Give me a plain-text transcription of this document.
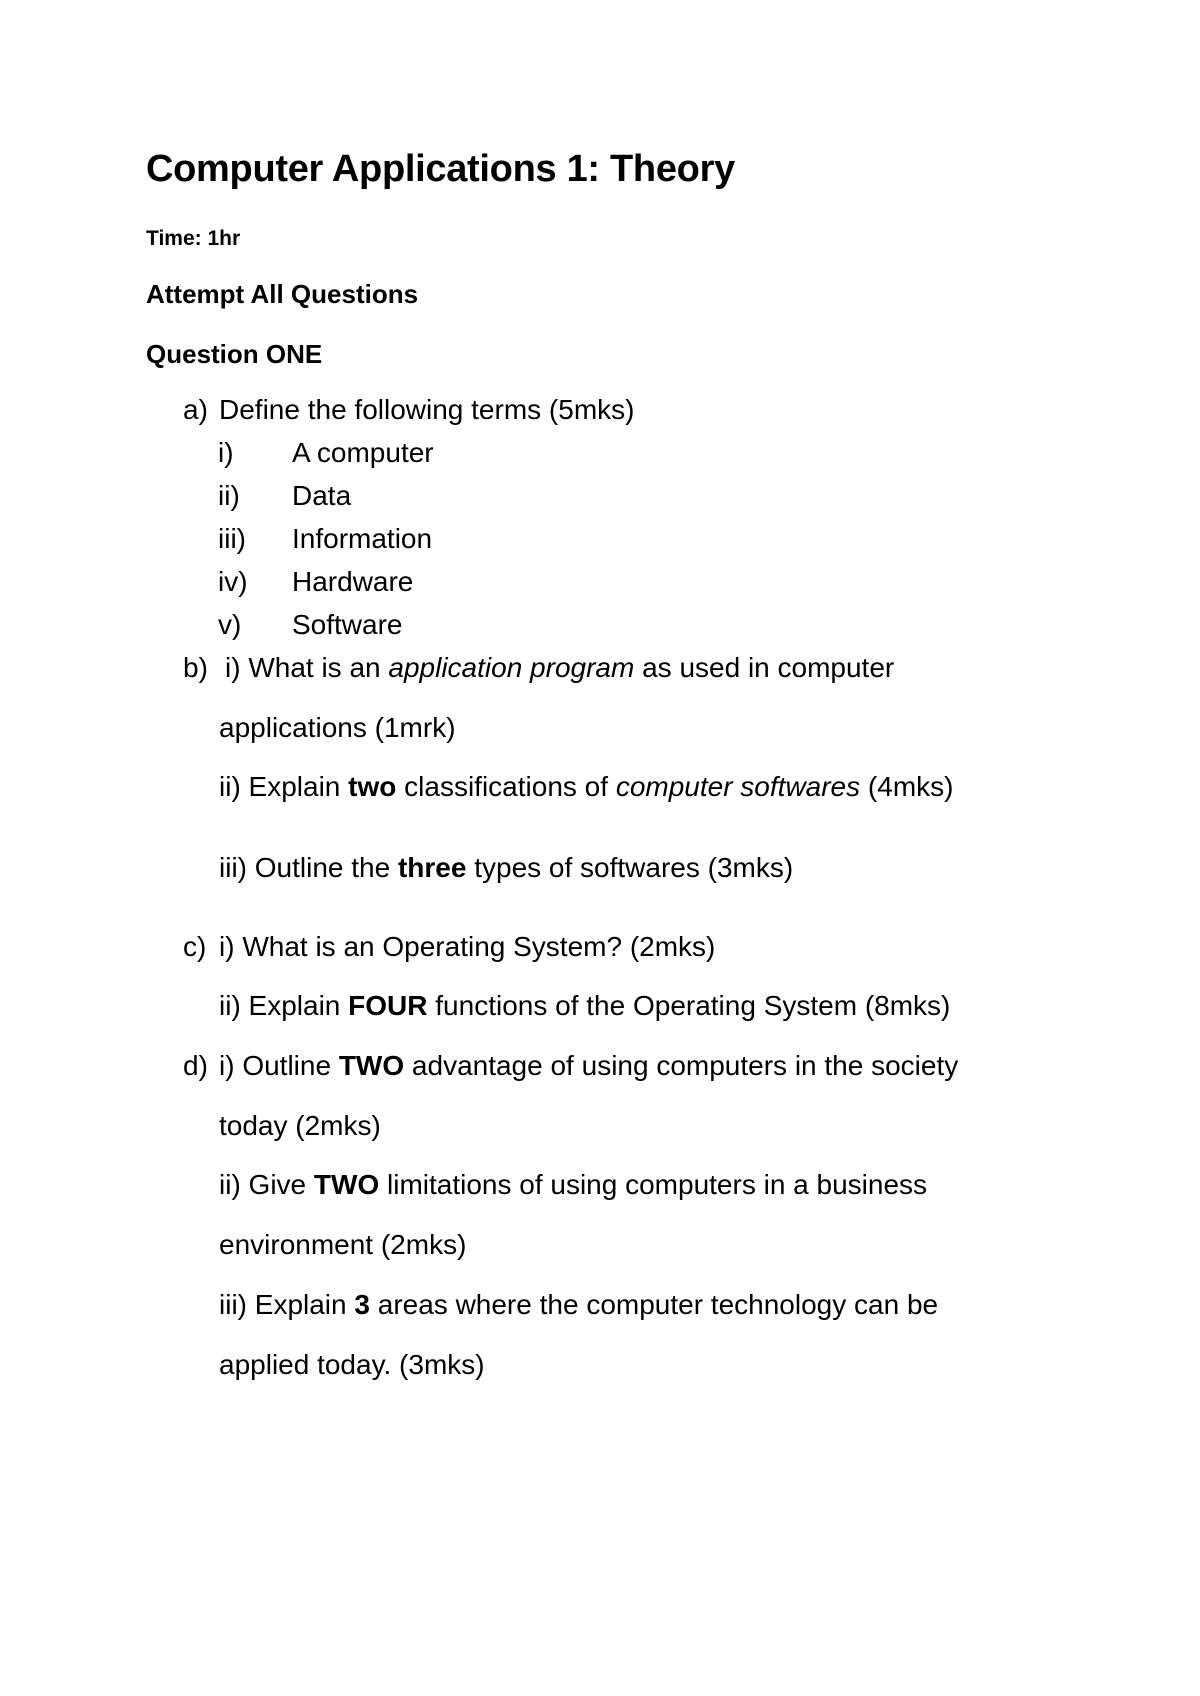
Computer Applications 1: Theory
Time: 1hr
Attempt All Questions
Question ONE
a) Define the following terms (5mks)
i) A computer
ii) Data
iii) Information
iv) Hardware
v) Software
b) i) What is an application program as used in computer
applications (1mrk)
ii) Explain two classifications of computer softwares (4mks)
iii) Outline the three types of softwares (3mks)
c) i) What is an Operating System? (2mks)
ii) Explain FOUR functions of the Operating System (8mks)
d) i) Outline TWO advantage of using computers in the society
today (2mks)
ii) Give TWO limitations of using computers in a business
environment (2mks)
iii) Explain 3 areas where the computer technology can be
applied today. (3mks)
